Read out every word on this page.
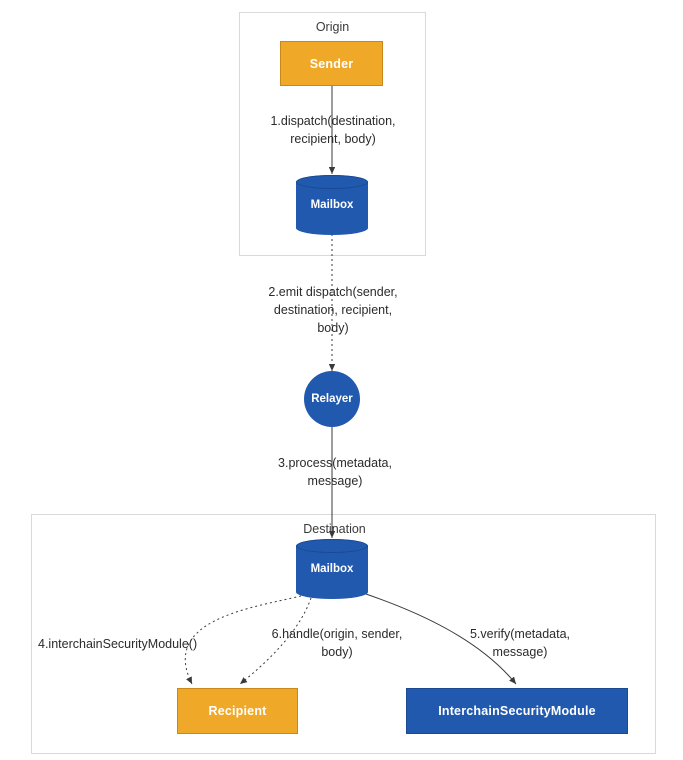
Origin
Destination
Sender
Mailbox
Relayer
Mailbox
Recipient	InterchainSecurityModule
1.dispatch(destination,
recipient, body)
2.emit dispatch(sender,
destination, recipient,
body)
3.process(metadata,
message)
4.interchainSecurityModule()
6.handle(origin, sender,
body)
5.verify(metadata,
message)
